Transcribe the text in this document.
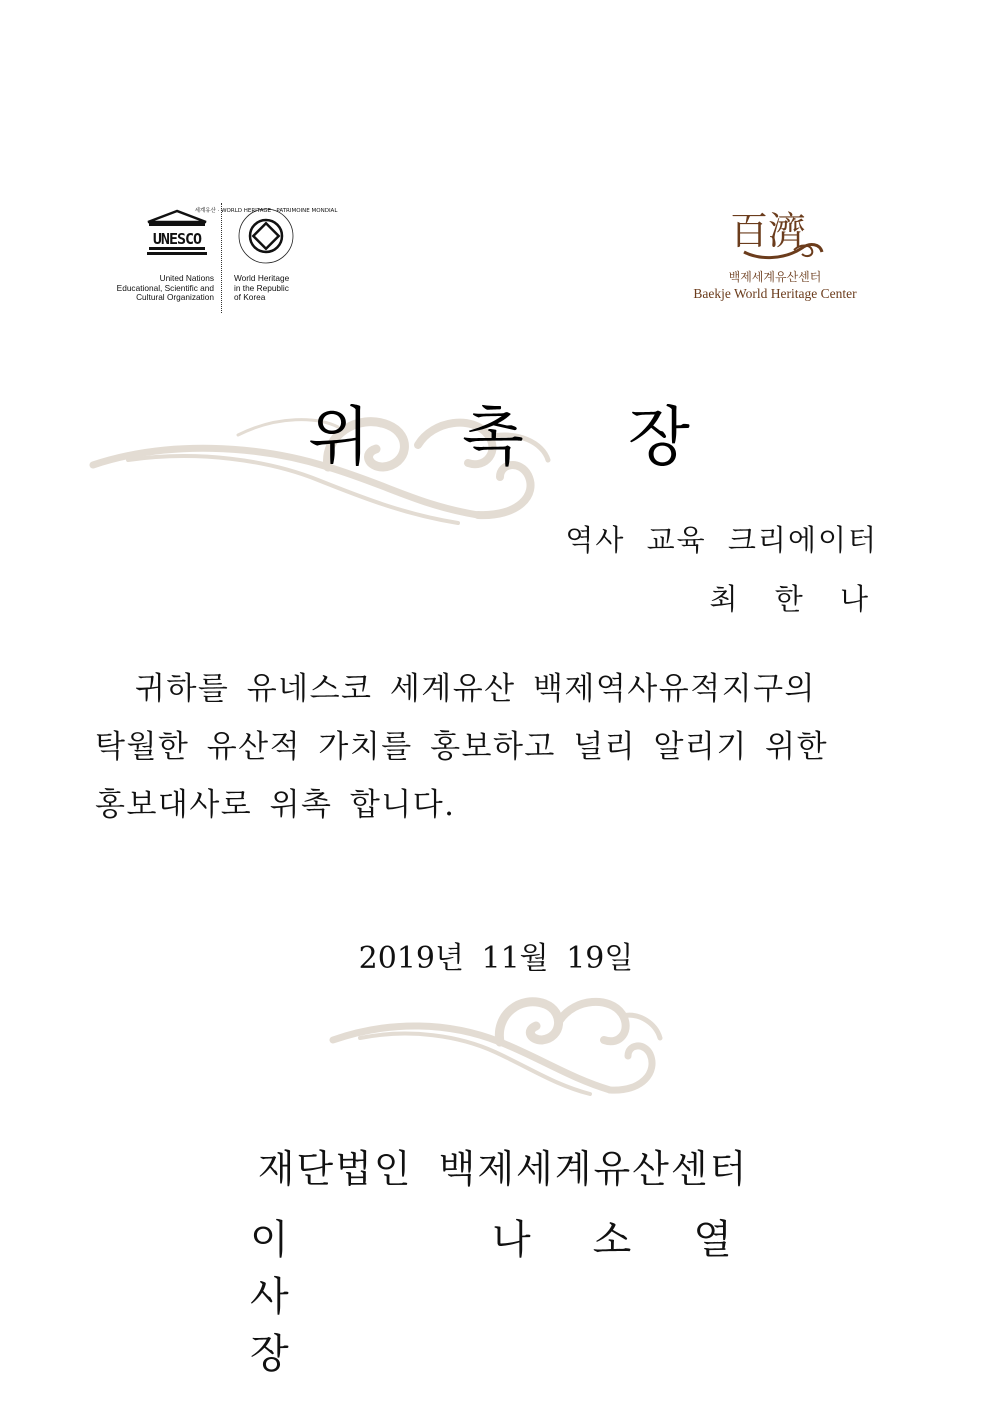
UNESCO
United Nations
Educational, Scientific and
Cultural Organization
세계유산 · WORLD HERITAGE · PATRIMOINE MONDIAL
World Heritage
in the Republic
of Korea
百濟
백제세계유산센터
Baekje World Heritage Center
위 촉 장
역사 교육 크리에이터
최 한 나
귀하를 유네스코 세계유산 백제역사유적지구의
탁월한 유산적 가치를 홍보하고 널리 알리기 위한
홍보대사로 위촉 합니다.
2019년 11월 19일
재단법인 백제세계유산센터
이사장
나소열
